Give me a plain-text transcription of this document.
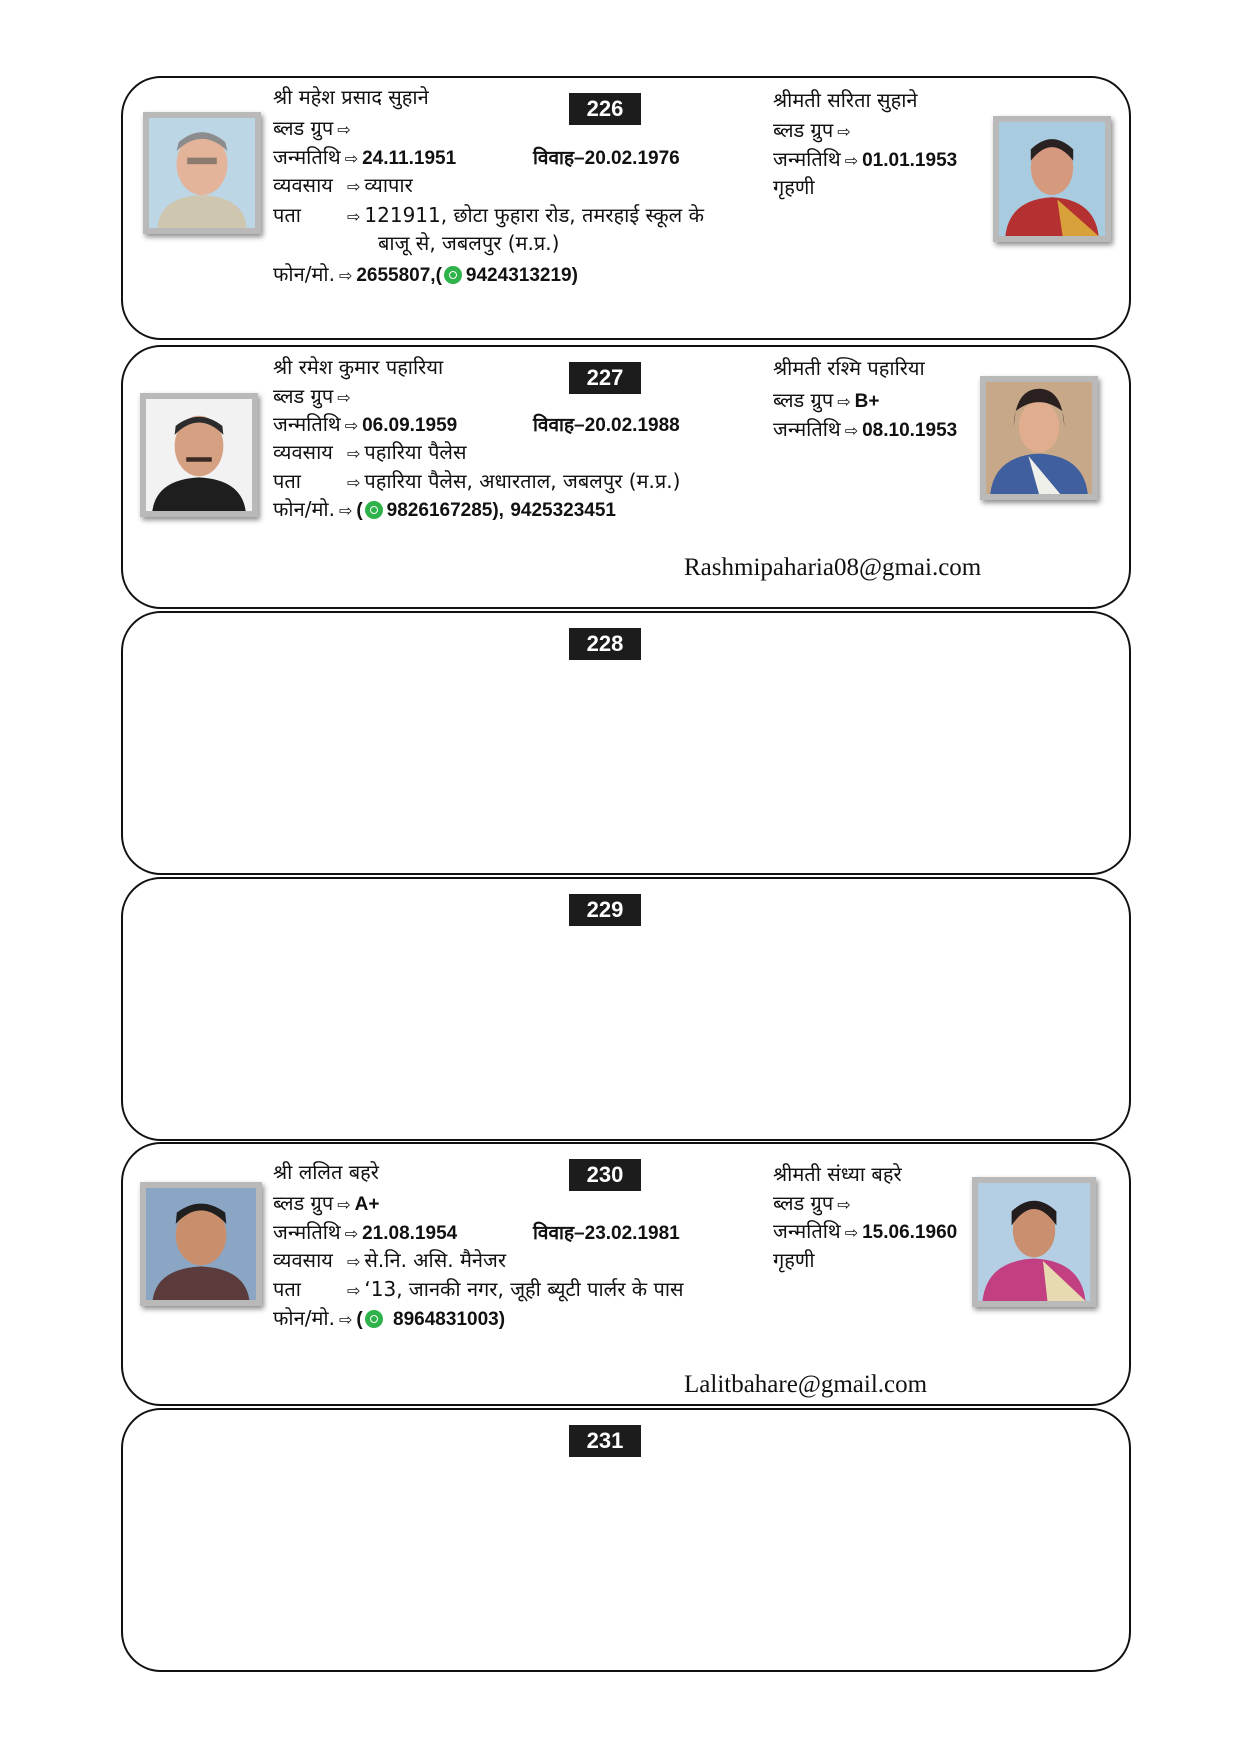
226
श्री महेश प्रसाद सुहाने
ब्लड ग्रुप ⇨
जन्मतिथि ⇨ 24.11.1951	विवाह–20.02.1976
व्यवसाय ⇨ व्यापार
पता	⇨ 121911, छोटा फुहारा रोड, तमरहाई स्कूल के
बाजू से, जबलपुर (म.प्र.)
फोन/मो. ⇨ 2655807,( 9424313219)
श्रीमती सरिता सुहाने
ब्लड ग्रुप ⇨
जन्मतिथि ⇨ 01.01.1953
गृहणी
227
श्री रमेश कुमार पहारिया
ब्लड ग्रुप ⇨
जन्मतिथि ⇨ 06.09.1959	विवाह–20.02.1988
व्यवसाय ⇨ पहारिया पैलेस
पता	⇨ पहारिया पैलेस, अधारताल, जबलपुर (म.प्र.)
फोन/मो. ⇨ ( 9826167285), 9425323451
श्रीमती रश्मि पहारिया
ब्लड ग्रुप ⇨ B+
जन्मतिथि ⇨ 08.10.1953
Rashmipaharia08@gmai.com
228
229
230
श्री ललित बहरे
ब्लड ग्रुप ⇨ A+
जन्मतिथि ⇨ 21.08.1954	विवाह–23.02.1981
व्यवसाय ⇨ से.नि. असि. मैनेजर
पता	⇨ ‘13, जानकी नगर, जूही ब्यूटी पार्लर के पास
फोन/मो. ⇨ ( 8964831003)
श्रीमती संध्या बहरे
ब्लड ग्रुप ⇨
जन्मतिथि ⇨ 15.06.1960
गृहणी
Lalitbahare@gmail.com
231
